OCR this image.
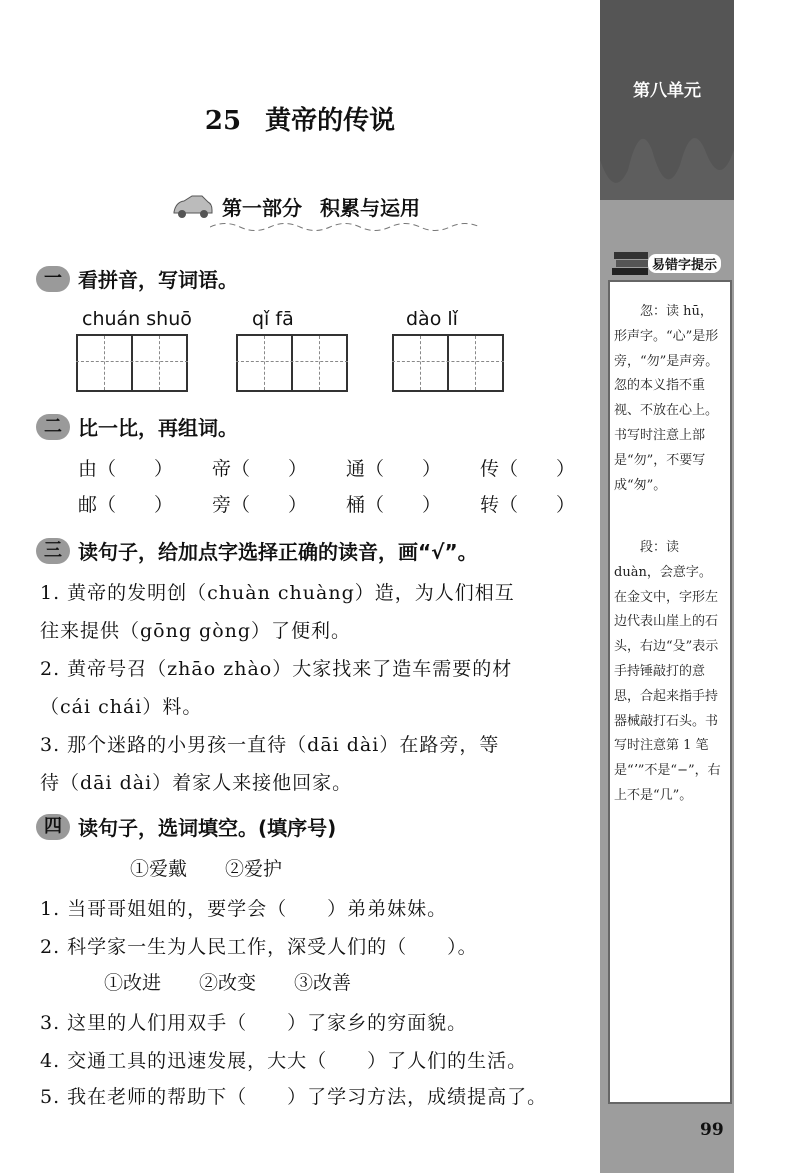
第八单元
易错字提示
忽：读 hū，形声字。“心”是形旁，“勿”是声旁。忽的本义指不重视、不放在心上。书写时注意上部是“勿”，不要写成“匆”。
段：读 duàn，会意字。在金文中，字形左边代表山崖上的石头，右边“殳”表示手持锤敲打的意思，合起来指手持器械敲打石头。书写时注意第 1 笔是“ʼ”不是“−”，右上不是“几”。
99
25 黄帝的传说
第一部分 积累与运用
一 看拼音，写词语。
chuán shuō	qǐ fā	dào lǐ
二 比一比，再组词。
由（　　） 帝（　　） 通（　　） 传（　　）
邮（　　） 旁（　　） 桶（　　） 转（　　）
三 读句子，给加点字选择正确的读音，画“√”。
1. 黄帝的发明创（chuàn chuàng）造，为人们相互
往来提供（gōng gòng）了便利。
2. 黄帝号召（zhāo zhào）大家找来了造车需要的材
（cái chái）料。
3. 那个迷路的小男孩一直待（dāi dài）在路旁，等
待（dāi dài）着家人来接他回家。
四 读句子，选词填空。(填序号)
①爱戴　　②爱护
1. 当哥哥姐姐的，要学会（　　）弟弟妹妹。
2. 科学家一生为人民工作，深受人们的（　　）。
①改进　　②改变　　③改善
3. 这里的人们用双手（　　）了家乡的穷面貌。
4. 交通工具的迅速发展，大大（　　）了人们的生活。
5. 我在老师的帮助下（　　）了学习方法，成绩提高了。
